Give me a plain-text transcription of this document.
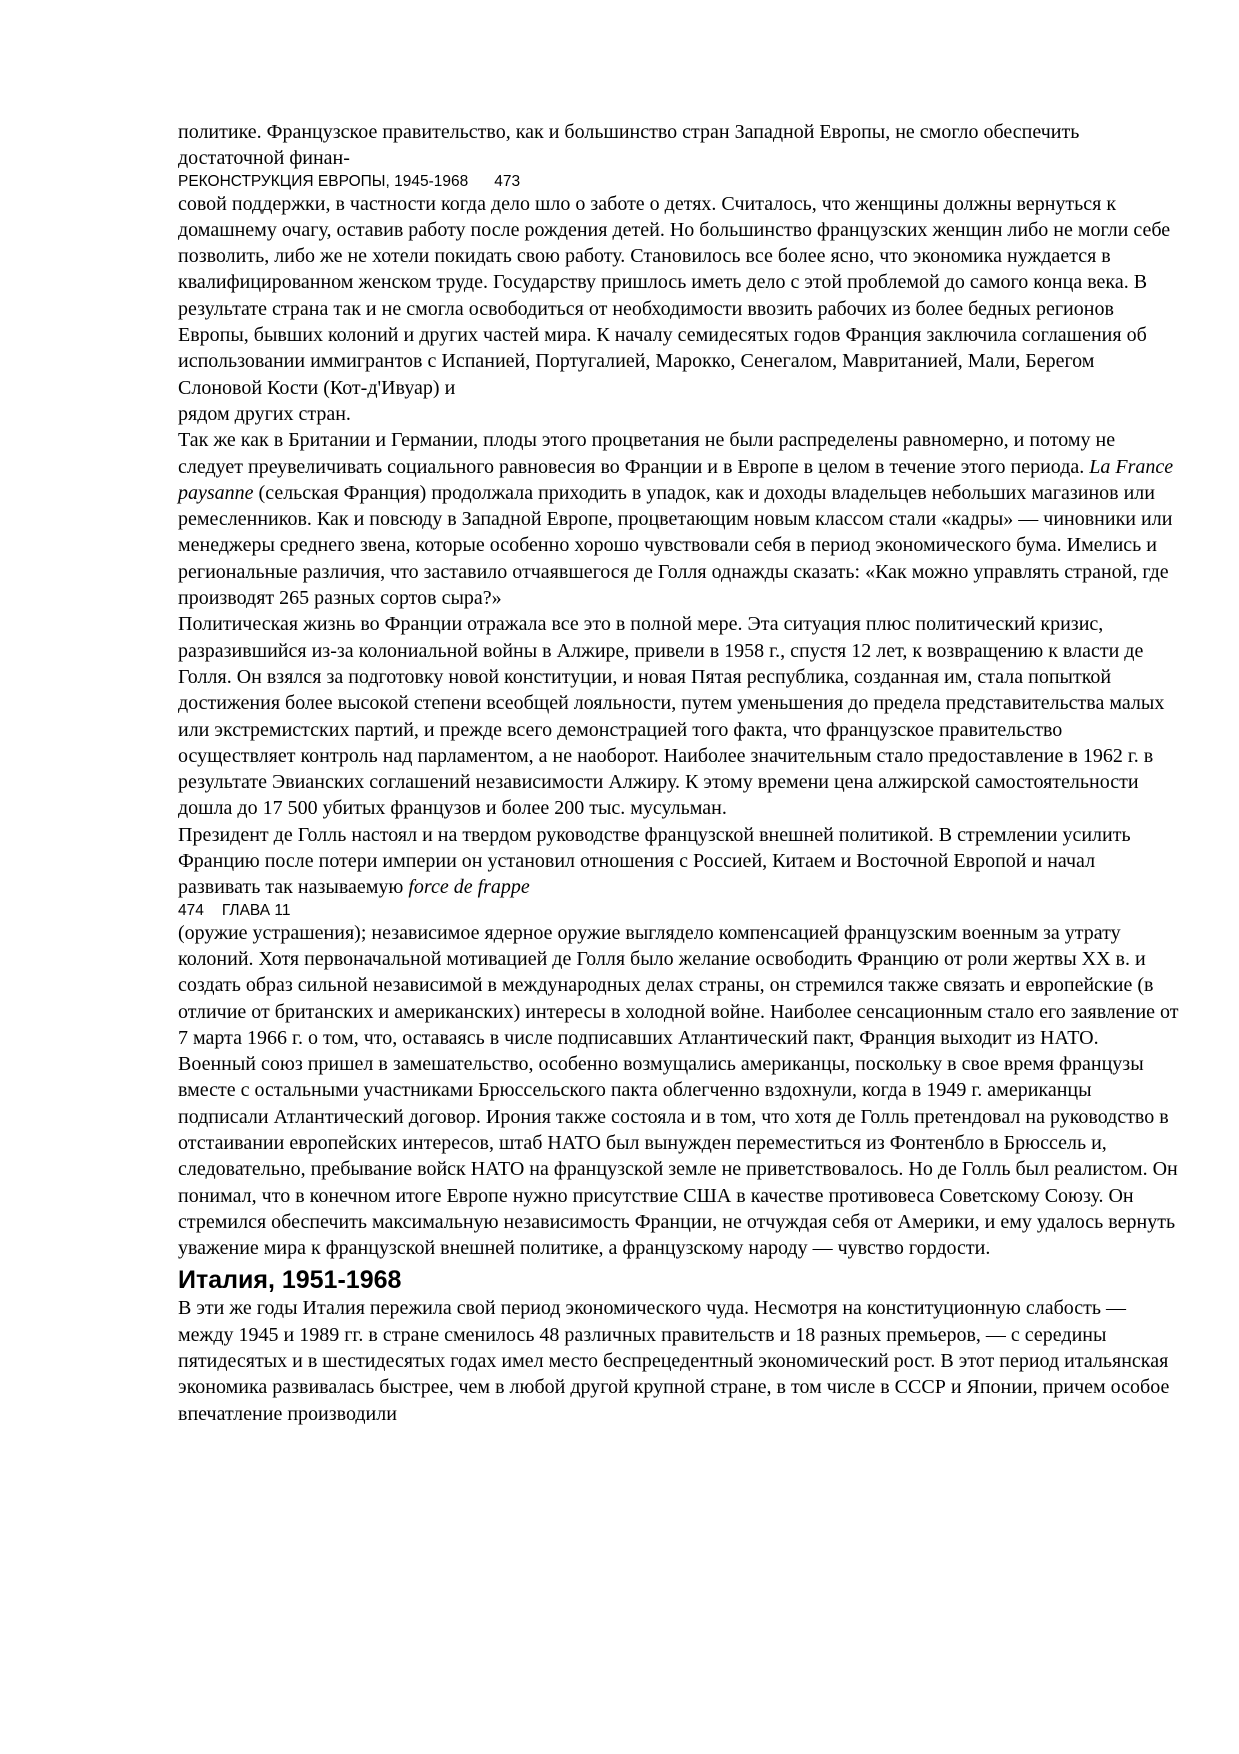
политике. Французское правительство, как и большинство стран Западной Европы, не смогло обеспечить достаточной финан-

РЕКОНСТРУКЦИЯ ЕВРОПЫ, 1945-1968 473

совой поддержки, в частности когда дело шло о заботе о детях. Считалось, что женщины должны вернуться к домашнему очагу, оставив работу после рождения детей. Но большинство французских женщин либо не могли себе позволить, либо же не хотели покидать свою работу. Становилось все более ясно, что экономика нуждается в квалифицированном женском труде. Государству пришлось иметь дело с этой проблемой до самого конца века. В результате страна так и не смогла освободиться от необходимости ввозить рабочих из более бедных регионов Европы, бывших колоний и других частей мира. К началу семидесятых годов Франция заключила соглашения об использовании иммигрантов с Испанией, Португалией, Марокко, Сенегалом, Мавританией, Мали, Берегом Слоновой Кости (Кот-д'Ивуар) и

рядом других стран.

Так же как в Британии и Германии, плоды этого процветания не были распределены равномерно, и потому не следует преувеличивать социального равновесия во Франции и в Европе в целом в течение этого периода. La France paysanne (сельская Франция) продолжала приходить в упадок, как и доходы владельцев небольших магазинов или ремесленников. Как и повсюду в Западной Европе, процветающим новым классом стали «кадры» — чиновники или менеджеры среднего звена, которые особенно хорошо чувствовали себя в период экономического бума. Имелись и региональные различия, что заставило отчаявшегося де Голля однажды сказать: «Как можно управлять страной, где производят 265 разных сортов сыра?»

Политическая жизнь во Франции отражала все это в полной мере. Эта ситуация плюс политический кризис, разразившийся из-за колониальной войны в Алжире, привели в 1958 г., спустя 12 лет, к возвращению к власти де Голля. Он взялся за подготовку новой конституции, и новая Пятая республика, созданная им, стала попыткой достижения более высокой степени всеобщей лояльности, путем уменьшения до предела представительства малых или экстремистских партий, и прежде всего демонстрацией того факта, что французское правительство осуществляет контроль над парламентом, а не наоборот. Наиболее значительным стало предоставление в 1962 г. в результате Эвианских соглашений независимости Алжиру. К этому времени цена алжирской самостоятельности дошла до 17 500 убитых французов и более 200 тыс. мусульман.

Президент де Голль настоял и на твердом руководстве французской внешней политикой. В стремлении усилить Францию после потери империи он установил отношения с Россией, Китаем и Восточной Европой и начал развивать так называемую force de frappe

474 ГЛАВА 11

(оружие устрашения); независимое ядерное оружие выглядело компенсацией французским военным за утрату колоний. Хотя первоначальной мотивацией де Голля было желание освободить Францию от роли жертвы XX в. и создать образ сильной независимой в международных делах страны, он стремился также связать и европейские (в отличие от британских и американских) интересы в холодной войне. Наиболее сенсационным стало его заявление от 7 марта 1966 г. о том, что, оставаясь в числе подписавших Атлантический пакт, Франция выходит из НАТО. Военный союз пришел в замешательство, особенно возмущались американцы, поскольку в свое время французы вместе с остальными участниками Брюссельского пакта облегченно вздохнули, когда в 1949 г. американцы подписали Атлантический договор. Ирония также состояла и в том, что хотя де Голль претендовал на руководство в отстаивании европейских интересов, штаб НАТО был вынужден переместиться из Фонтенбло в Брюссель и, следовательно, пребывание войск НАТО на французской земле не приветствовалось. Но де Голль был реалистом. Он понимал, что в конечном итоге Европе нужно присутствие США в качестве противовеса Советскому Союзу. Он стремился обеспечить максимальную независимость Франции, не отчуждая себя от Америки, и ему удалось вернуть уважение мира к французской внешней политике, а французскому народу — чувство гордости.

Италия, 1951-1968

В эти же годы Италия пережила свой период экономического чуда. Несмотря на конституционную слабость — между 1945 и 1989 гг. в стране сменилось 48 различных правительств и 18 разных премьеров, — с середины пятидесятых и в шестидесятых годах имел место беспрецедентный экономический рост. В этот период итальянская экономика развивалась быстрее, чем в любой другой крупной стране, в том числе в СССР и Японии, причем особое впечатление производили
